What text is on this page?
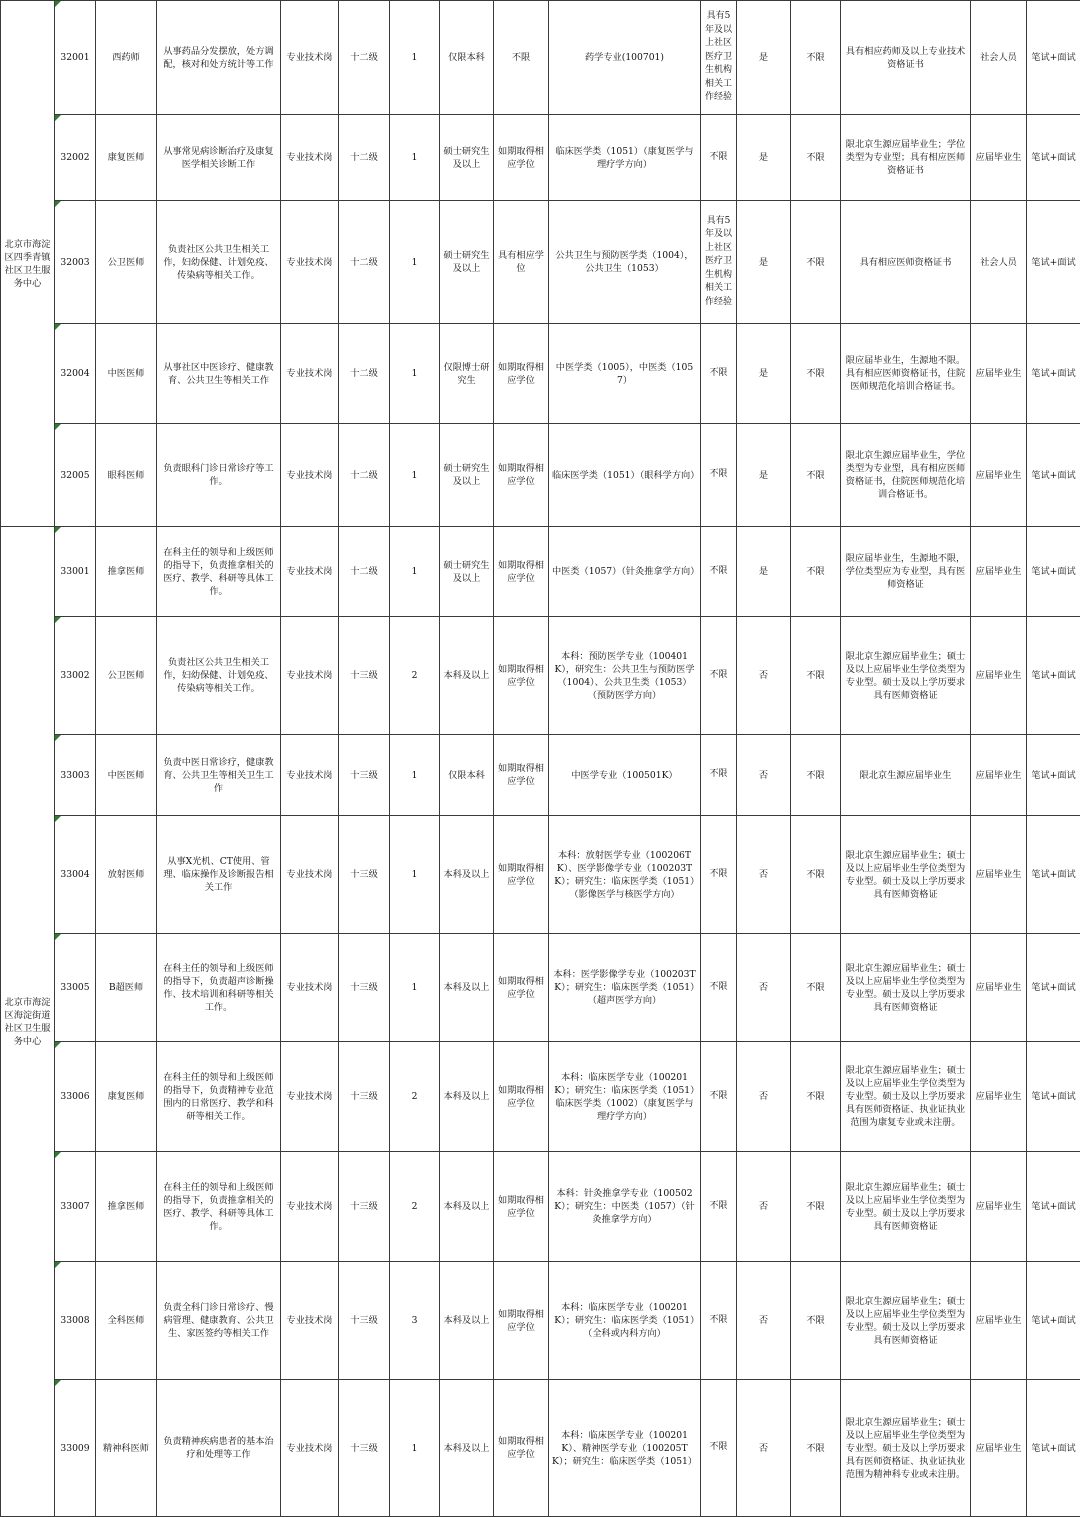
北京市海淀区四季青镇社区卫生服务中心	32001	西药师	从事药品分发摆放，处方调配，核对和处方统计等工作	专业技术岗	十二级	1	仅限本科	不限	药学专业(100701)	具有5年及以上社区医疗卫生机构相关工作经验	是	不限	具有相应药师及以上专业技术资格证书	社会人员	笔试+面试	

32002	康复医师	从事常见病诊断治疗及康复医学相关诊断工作	专业技术岗	十二级	1	硕士研究生及以上	如期取得相应学位	临床医学类（1051）（康复医学与理疗学方向）	不限	是	不限	限北京生源应届毕业生；学位类型为专业型；具有相应医师资格证书	应届毕业生	笔试+面试	

32003	公卫医师	负责社区公共卫生相关工作，妇幼保健、计划免疫、传染病等相关工作。	专业技术岗	十二级	1	硕士研究生及以上	具有相应学位	公共卫生与预防医学类（1004），公共卫生（1053）	具有5年及以上社区医疗卫生机构相关工作经验	是	不限	具有相应医师资格证书	社会人员	笔试+面试	

32004	中医医师	从事社区中医诊疗、健康教育、公共卫生等相关工作	专业技术岗	十二级	1	仅限博士研究生	如期取得相应学位	中医学类（1005），中医类（1057）	不限	是	不限	限应届毕业生，生源地不限。具有相应医师资格证书，住院医师规范化培训合格证书。	应届毕业生	笔试+面试	

32005	眼科医师	负责眼科门诊日常诊疗等工作。	专业技术岗	十二级	1	硕士研究生及以上	如期取得相应学位	临床医学类（1051）（眼科学方向）	不限	是	不限	限北京生源应届毕业生，学位类型为专业型，具有相应医师资格证书，住院医师规范化培训合格证书。	应届毕业生	笔试+面试	
北京市海淀区海淀街道社区卫生服务中心	33001	推拿医师	在科主任的领导和上级医师的指导下，负责推拿相关的医疗、教学、科研等具体工作。	专业技术岗	十二级	1	硕士研究生及以上	如期取得相应学位	中医类（1057）（针灸推拿学方向）	不限	是	不限	限应届毕业生，生源地不限，学位类型应为专业型，具有医师资格证	应届毕业生	笔试+面试	

33002	公卫医师	负责社区公共卫生相关工作，妇幼保健、计划免疫、传染病等相关工作。	专业技术岗	十三级	2	本科及以上	如期取得相应学位	本科：预防医学专业（100401K），研究生：公共卫生与预防医学（1004）、公共卫生类（1053）（预防医学方向）	不限	否	不限	限北京生源应届毕业生；硕士及以上应届毕业生学位类型为专业型。硕士及以上学历要求具有医师资格证	应届毕业生	笔试+面试	

33003	中医医师	负责中医日常诊疗，健康教育、公共卫生等相关卫生工作	专业技术岗	十三级	1	仅限本科	如期取得相应学位	中医学专业（100501K）	不限	否	不限	限北京生源应届毕业生	应届毕业生	笔试+面试	

33004	放射医师	从事X光机、CT使用、管理、临床操作及诊断报告相关工作	专业技术岗	十三级	1	本科及以上	如期取得相应学位	本科：放射医学专业（100206TK）、医学影像学专业（100203TK）；研究生：临床医学类（1051）（影像医学与核医学方向）	不限	否	不限	限北京生源应届毕业生；硕士及以上应届毕业生学位类型为专业型。硕士及以上学历要求具有医师资格证	应届毕业生	笔试+面试	

33005	B超医师	在科主任的领导和上级医师的指导下，负责超声诊断操作、技术培训和科研等相关工作。	专业技术岗	十三级	1	本科及以上	如期取得相应学位	本科：医学影像学专业（100203TK）；研究生：临床医学类（1051）（超声医学方向）	不限	否	不限	限北京生源应届毕业生；硕士及以上应届毕业生学位类型为专业型。硕士及以上学历要求具有医师资格证	应届毕业生	笔试+面试	

33006	康复医师	在科主任的领导和上级医师的指导下，负责精神专业范围内的日常医疗、教学和科研等相关工作。	专业技术岗	十三级	2	本科及以上	如期取得相应学位	本科：临床医学专业（100201K）；研究生：临床医学类（1051）临床医学类（1002）（康复医学与理疗学方向）	不限	否	不限	限北京生源应届毕业生；硕士及以上应届毕业生学位类型为专业型。硕士及以上学历要求具有医师资格证、执业证执业范围为康复专业或未注册。	应届毕业生	笔试+面试	

33007	推拿医师	在科主任的领导和上级医师的指导下，负责推拿相关的医疗、教学、科研等具体工作。	专业技术岗	十三级	2	本科及以上	如期取得相应学位	本科：针灸推拿学专业（100502K）；研究生：中医类（1057）（针灸推拿学方向）	不限	否	不限	限北京生源应届毕业生；硕士及以上应届毕业生学位类型为专业型。硕士及以上学历要求具有医师资格证	应届毕业生	笔试+面试	

33008	全科医师	负责全科门诊日常诊疗、慢病管理、健康教育、公共卫生、家医签约等相关工作	专业技术岗	十三级	3	本科及以上	如期取得相应学位	本科：临床医学专业（100201K）；研究生：临床医学类（1051）（全科或内科方向）	不限	否	不限	限北京生源应届毕业生；硕士及以上应届毕业生学位类型为专业型。硕士及以上学历要求具有医师资格证	应届毕业生	笔试+面试	

33009	精神科医师	负责精神疾病患者的基本治疗和处理等工作	专业技术岗	十三级	1	本科及以上	如期取得相应学位	本科：临床医学专业（100201K）、精神医学专业（100205TK）；研究生：临床医学类（1051）	不限	否	不限	限北京生源应届毕业生；硕士及以上应届毕业生学位类型为专业型。硕士及以上学历要求具有医师资格证、执业证执业范围为精神科专业或未注册。	应届毕业生	笔试+面试	
